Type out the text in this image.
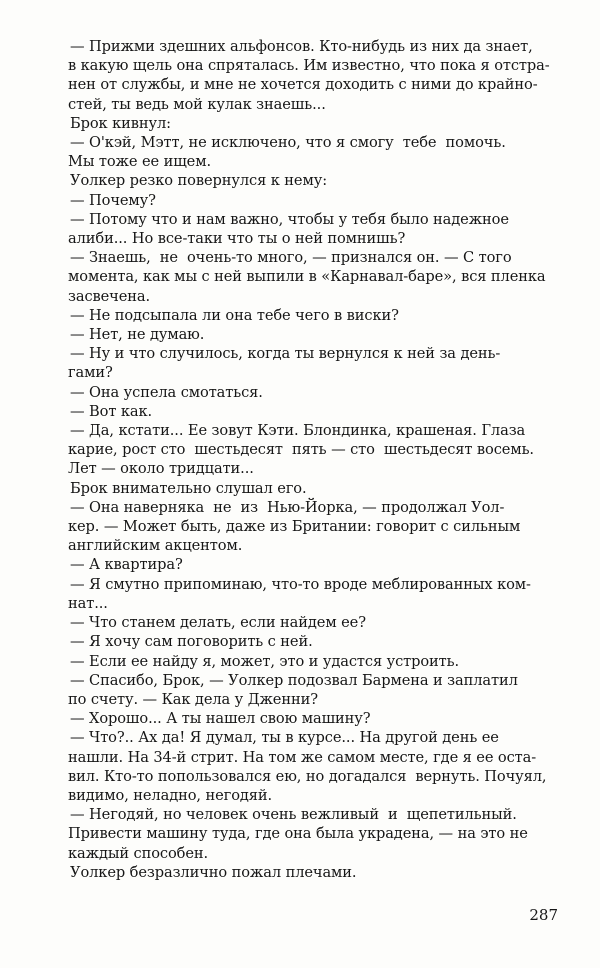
— Прижми здешних альфонсов. Кто-нибудь из них да знает,
в какую щель она спряталась. Им известно, что пока я отстра-
нен от службы, и мне не хочется доходить с ними до крайно-
стей, ты ведь мой кулак знаешь...
Брок кивнул:
— О'кэй, Мэтт, не исключено, что я смогу  тебе  помочь.
Мы тоже ее ищем.
Уолкер резко повернулся к нему:
— Почему?
— Потому что и нам важно, чтобы у тебя было надежное
алиби... Но все-таки что ты о ней помнишь?
— Знаешь,  не  очень-то много, — признался он. — С того
момента, как мы с ней выпили в «Карнавал-баре», вся пленка
засвечена.
— Не подсыпала ли она тебе чего в виски?
— Нет, не думаю.
— Ну и что случилось, когда ты вернулся к ней за день-
гами?
— Она успела смотаться.
— Вот как.
— Да, кстати... Ее зовут Кэти. Блондинка, крашеная. Глаза
карие, рост сто  шестьдесят  пять — сто  шестьдесят восемь.
Лет — около тридцати...
Брок внимательно слушал его.
— Она наверняка  не  из  Нью-Йорка, — продолжал Уол-
кер. — Может быть, даже из Британии: говорит с сильным
английским акцентом.
— А квартира?
— Я смутно припоминаю, что-то вроде меблированных ком-
нат...
— Что станем делать, если найдем ее?
— Я хочу сам поговорить с ней.
— Если ее найду я, может, это и удастся устроить.
— Спасибо, Брок, — Уолкер подозвал Бармена и заплатил
по счету. — Как дела у Дженни?
— Хорошо... А ты нашел свою машину?
— Что?.. Ах да! Я думал, ты в курсе... На другой день ее
нашли. На 34-й стрит. На том же самом месте, где я ее оста-
вил. Кто-то попользовался ею, но догадался  вернуть. Почуял,
видимо, неладно, негодяй.
— Негодяй, но человек очень вежливый  и  щепетильный.
Привести машину туда, где она была украдена, — на это не
каждый способен.
Уолкер безразлично пожал плечами.
287
